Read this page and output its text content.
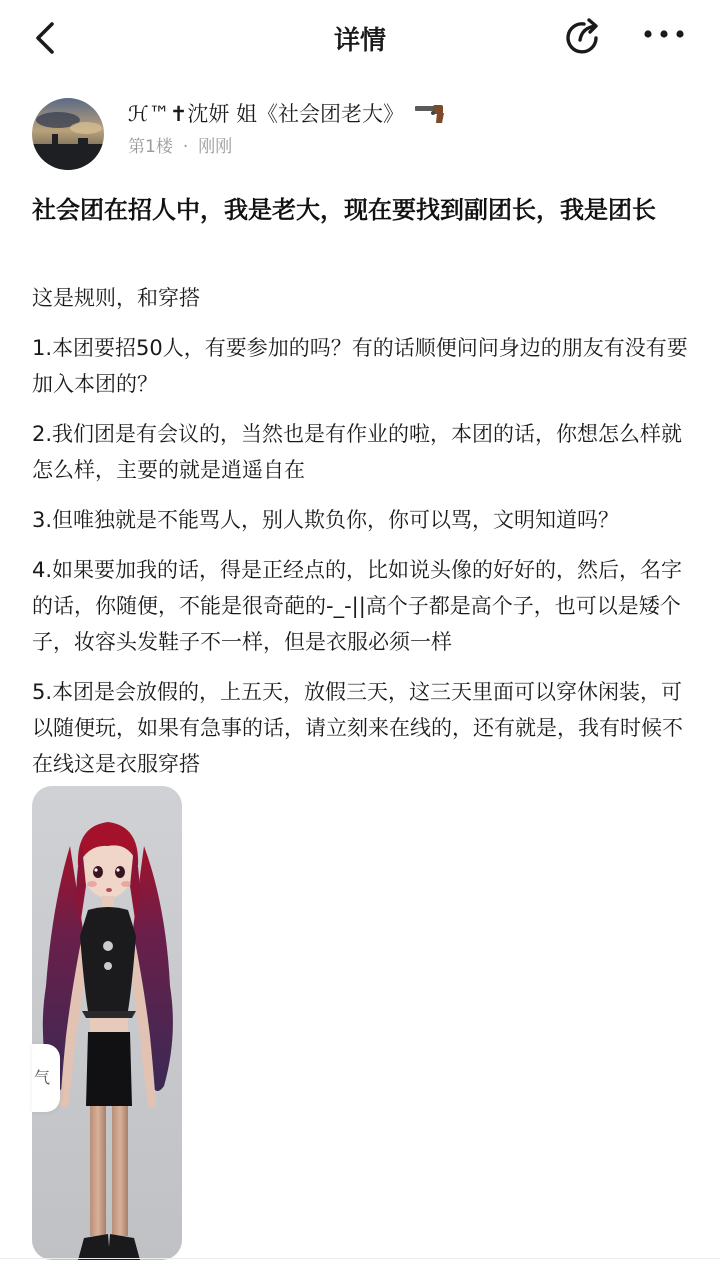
详情
ℋ™✝沈妍 姐《社会团老大》
第1楼 · 刚刚
社会团在招人中，我是老大，现在要找到副团长，我是团长

这是规则，和穿搭

1.本团要招50人，有要参加的吗？有的话顺便问问身边的朋友有没有要加入本团的？

2.我们团是有会议的，当然也是有作业的啦，本团的话，你想怎么样就怎么样，主要的就是逍遥自在

3.但唯独就是不能骂人，别人欺负你，你可以骂，文明知道吗？

4.如果要加我的话，得是正经点的，比如说头像的好好的，然后，名字的话，你随便，不能是很奇葩的-_-||高个子都是高个子，也可以是矮个子，妆容头发鞋子不一样，但是衣服必须一样

5.本团是会放假的，上五天，放假三天，这三天里面可以穿休闲装，可以随便玩，如果有急事的话，请立刻来在线的，还有就是，我有时候不在线这是衣服穿搭

气
